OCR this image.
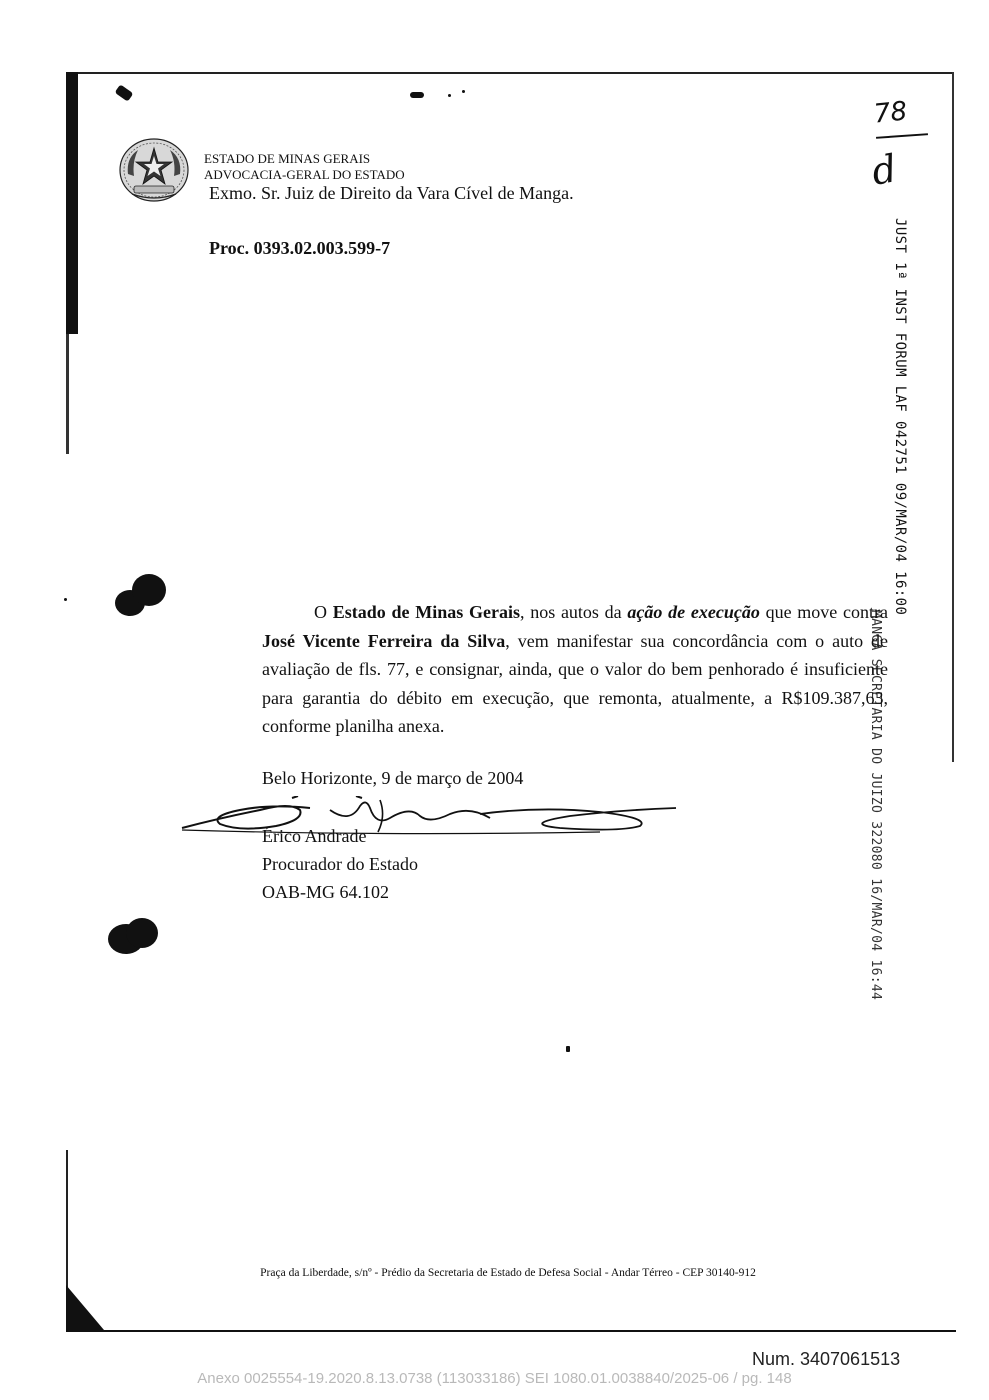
ESTADO DE MINAS GERAIS
ADVOCACIA-GERAL DO ESTADO
Exmo. Sr. Juiz de Direito da Vara Cível de Manga.
Proc. 0393.02.003.599-7
78
d
JUST 1ª INST FORUM LAF 042751 09/MAR/04 16:00
MANGA SECRETARIA DO JUIZO 322080 16/MAR/04 16:44
O Estado de Minas Gerais, nos autos da ação de execução que move contra José Vicente Ferreira da Silva, vem manifestar sua concordância com o auto de avaliação de fls. 77, e consignar, ainda, que o valor do bem penhorado é insuficiente para garantia do débito em execução, que remonta, atualmente, a R$109.387,63, conforme planilha anexa.
Belo Horizonte, 9 de março de 2004
Érico Andrade
Procurador do Estado
OAB-MG 64.102
Praça da Liberdade, s/nº - Prédio da Secretaria de Estado de Defesa Social - Andar Térreo - CEP 30140-912
Num. 3407061513
Anexo 0025554-19.2020.8.13.0738 (113033186) SEI 1080.01.0038840/2025-06 / pg. 148
